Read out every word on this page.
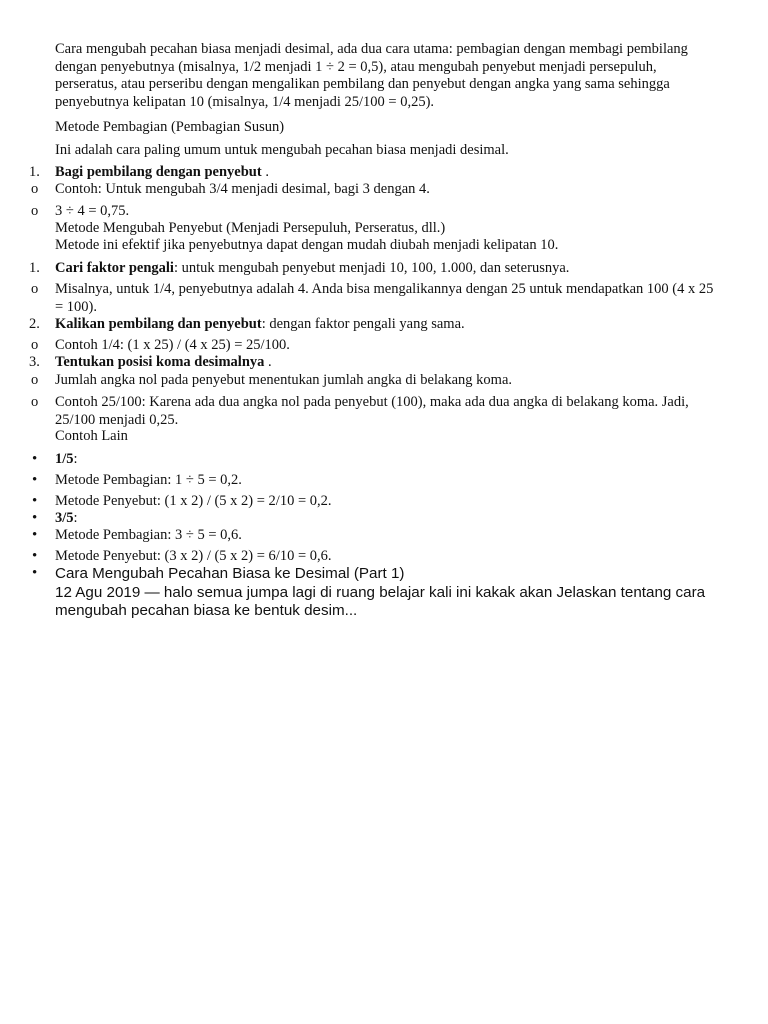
Cara mengubah pecahan biasa menjadi desimal, ada dua cara utama: pembagian dengan membagi pembilang dengan penyebutnya (misalnya, 1/2 menjadi 1 ÷ 2 = 0,5), atau mengubah penyebut menjadi persepuluh, perseratus, atau perseribu dengan mengalikan pembilang dan penyebut dengan angka yang sama sehingga penyebutnya kelipatan 10 (misalnya, 1/4 menjadi 25/100 = 0,25).

Metode Pembagian (Pembagian Susun)

Ini adalah cara paling umum untuk mengubah pecahan biasa menjadi desimal.

1. Bagi pembilang dengan penyebut .
o Contoh: Untuk mengubah 3/4 menjadi desimal, bagi 3 dengan 4.
o 3 ÷ 4 = 0,75.

Metode Mengubah Penyebut (Menjadi Persepuluh, Perseratus, dll.)

Metode ini efektif jika penyebutnya dapat dengan mudah diubah menjadi kelipatan 10.

1. Cari faktor pengali: untuk mengubah penyebut menjadi 10, 100, 1.000, dan seterusnya.
o Misalnya, untuk 1/4, penyebutnya adalah 4. Anda bisa mengalikannya dengan 25 untuk mendapatkan 100 (4 x 25 = 100).
2. Kalikan pembilang dan penyebut: dengan faktor pengali yang sama.
o Contoh 1/4: (1 x 25) / (4 x 25) = 25/100.
3. Tentukan posisi koma desimalnya .
o Jumlah angka nol pada penyebut menentukan jumlah angka di belakang koma.
o Contoh 25/100: Karena ada dua angka nol pada penyebut (100), maka ada dua angka di belakang koma. Jadi, 25/100 menjadi 0,25.

Contoh Lain

• 1/5:
• Metode Pembagian: 1 ÷ 5 = 0,2.
• Metode Penyebut: (1 x 2) / (5 x 2) = 2/10 = 0,2.
• 3/5:
• Metode Pembagian: 3 ÷ 5 = 0,6.
• Metode Penyebut: (3 x 2) / (5 x 2) = 6/10 = 0,6.
• Cara Mengubah Pecahan Biasa ke Desimal (Part 1)
12 Agu 2019 — halo semua jumpa lagi di ruang belajar kali ini kakak akan Jelaskan tentang cara mengubah pecahan biasa ke bentuk desim...
